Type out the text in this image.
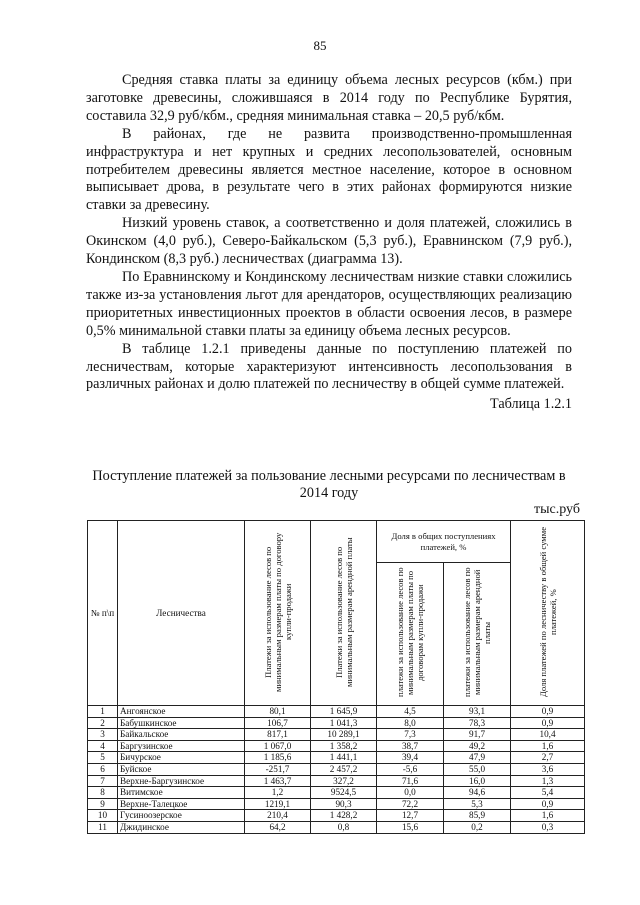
85

Средняя ставка платы за единицу объема лесных ресурсов (кбм.) при заготовке древесины, сложившаяся в 2014 году по Республике Бурятия, составила 32,9 руб/кбм., средняя минимальная ставка – 20,5 руб/кбм.

В районах, где не развита производственно-промышленная инфраструктура и нет крупных и средних лесопользователей, основным потребителем древесины является местное население, которое в основном выписывает дрова, в результате чего в этих районах формируются низкие ставки за древесину.

Низкий уровень ставок, а соответственно и доля платежей, сложились в Окинском (4,0 руб.), Северо-Байкальском (5,3 руб.), Еравнинском (7,9 руб.), Кондинском (8,3 руб.) лесничествах (диаграмма 13).

По Еравнинскому и Кондинскому лесничествам низкие ставки сложились также из-за установления льгот для арендаторов, осуществляющих реализацию приоритетных инвестиционных проектов в области освоения лесов, в размере 0,5% минимальной ставки платы за единицу объема лесных ресурсов.

В таблице 1.2.1 приведены данные по поступлению платежей по лесничествам, которые характеризуют интенсивность лесопользования в различных районах и долю платежей по лесничеству в общей сумме платежей.

Таблица 1.2.1

Поступление платежей за пользование лесными ресурсами по лесничествам в 2014 году
тыс.руб
№ п\п	Лесничества	Платежи за использование лесов по минимальным размерам платы по договору купли-продажи	Платежи за использование лесов по минимальным размерам арендной платы	Доля в общих поступлениях платежей, %		Доля платежей по лесничеству в общей сумме платежей, %
				платежи за использование лесов по минимальным размерам платы по договорам купли-продажи	платежи за использование лесов по минимальным размерам арендной платы	
1	Ангоянское	80,1	1 645,9	4,5	93,1	0,9
2	Бабушкинское	106,7	1 041,3	8,0	78,3	0,9
3	Байкальское	817,1	10 289,1	7,3	91,7	10,4
4	Баргузинское	1 067,0	1 358,2	38,7	49,2	1,6
5	Бичурское	1 185,6	1 441,1	39,4	47,9	2,7
6	Буйское	-251,7	2 457,2	-5,6	55,0	3,6
7	Верхне-Баргузинское	1 463,7	327,2	71,6	16,0	1,3
8	Витимское	1,2	9524,5	0,0	94,6	5,4
9	Верхне-Талецкое	1219,1	90,3	72,2	5,3	0,9
10	Гусиноозерское	210,4	1 428,2	12,7	85,9	1,6
11	Джидинское	64,2	0,8	15,6	0,2	0,3
